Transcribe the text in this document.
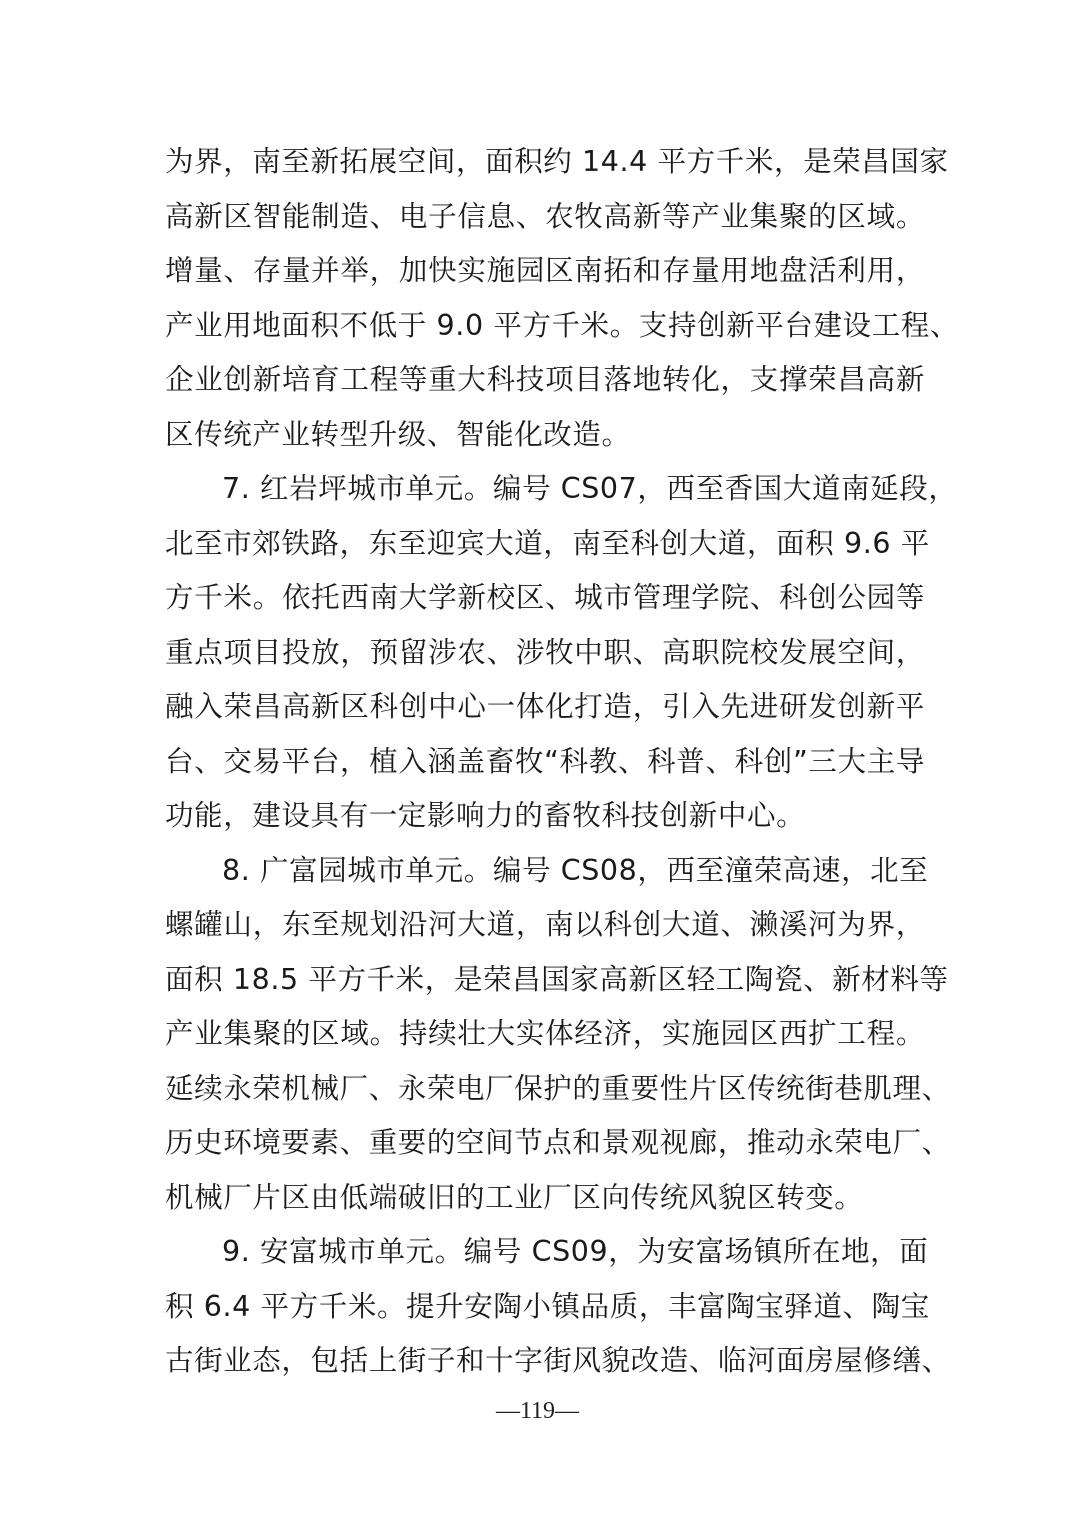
为界，南至新拓展空间，面积约 14.4 平方千米，是荣昌国家
高新区智能制造、电子信息、农牧高新等产业集聚的区域。
增量、存量并举，加快实施园区南拓和存量用地盘活利用，
产业用地面积不低于 9.0 平方千米。支持创新平台建设工程、
企业创新培育工程等重大科技项目落地转化，支撑荣昌高新
区传统产业转型升级、智能化改造。
7. 红岩坪城市单元。编号 CS07，西至香国大道南延段，
北至市郊铁路，东至迎宾大道，南至科创大道，面积 9.6 平
方千米。依托西南大学新校区、城市管理学院、科创公园等
重点项目投放，预留涉农、涉牧中职、高职院校发展空间，
融入荣昌高新区科创中心一体化打造，引入先进研发创新平
台、交易平台，植入涵盖畜牧“科教、科普、科创”三大主导
功能，建设具有一定影响力的畜牧科技创新中心。
8. 广富园城市单元。编号 CS08，西至潼荣高速，北至
螺罐山，东至规划沿河大道，南以科创大道、濑溪河为界，
面积 18.5 平方千米，是荣昌国家高新区轻工陶瓷、新材料等
产业集聚的区域。持续壮大实体经济，实施园区西扩工程。
延续永荣机械厂、永荣电厂保护的重要性片区传统街巷肌理、
历史环境要素、重要的空间节点和景观视廊，推动永荣电厂、
机械厂片区由低端破旧的工业厂区向传统风貌区转变。
9. 安富城市单元。编号 CS09，为安富场镇所在地，面
积 6.4 平方千米。提升安陶小镇品质，丰富陶宝驿道、陶宝
古街业态，包括上街子和十字街风貌改造、临河面房屋修缮、
—119—
